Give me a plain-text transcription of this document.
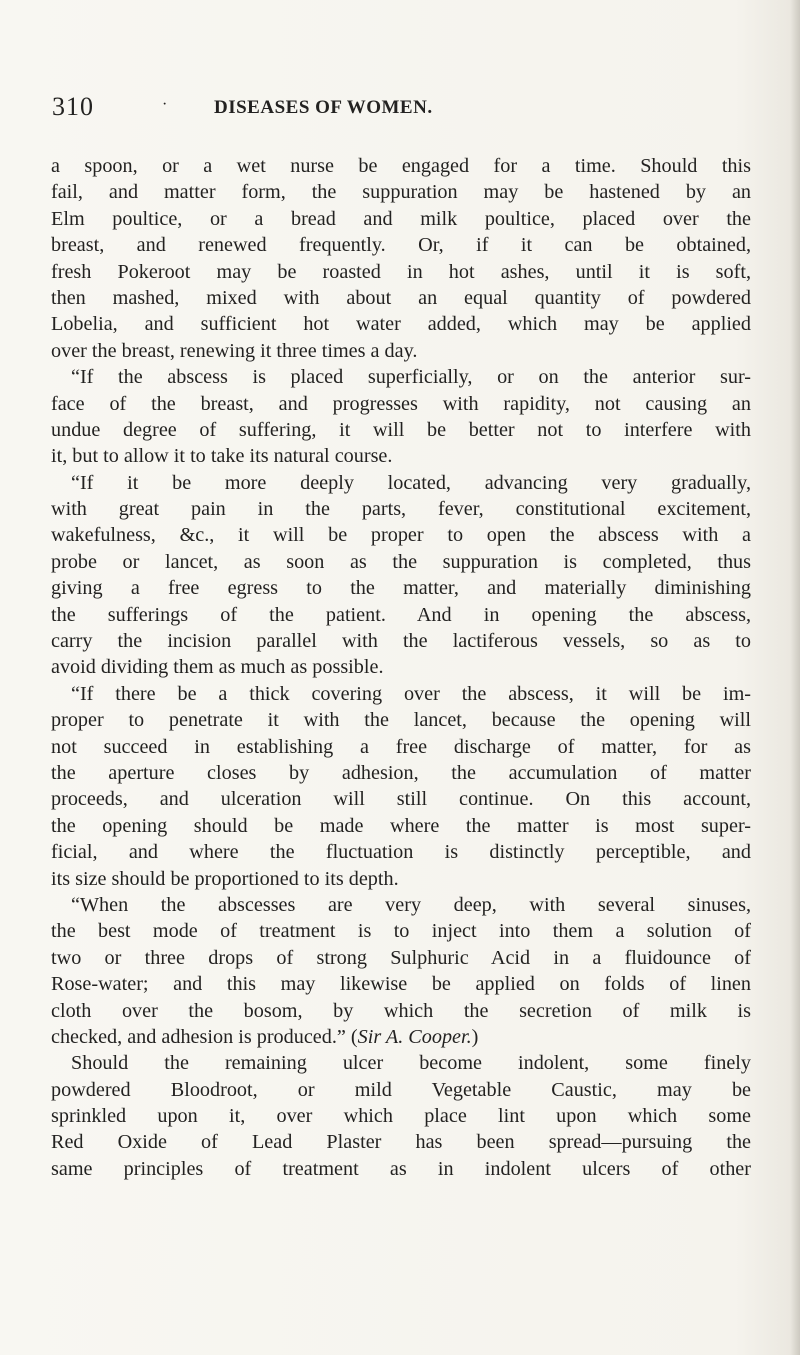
310	· DISEASES OF WOMEN.
a spoon, or a wet nurse be engaged for a time. Should this
fail, and matter form, the suppuration may be hastened by an
Elm poultice, or a bread and milk poultice, placed over the
breast, and renewed frequently. Or, if it can be obtained,
fresh Pokeroot may be roasted in hot ashes, until it is soft,
then mashed, mixed with about an equal quantity of powdered
Lobelia, and sufficient hot water added, which may be applied
over the breast, renewing it three times a day.
“If the abscess is placed superficially, or on the anterior sur-
face of the breast, and progresses with rapidity, not causing an
undue degree of suffering, it will be better not to interfere with
it, but to allow it to take its natural course.
“If it be more deeply located, advancing very gradually,
with great pain in the parts, fever, constitutional excitement,
wakefulness, &c., it will be proper to open the abscess with a
probe or lancet, as soon as the suppuration is completed, thus
giving a free egress to the matter, and materially diminishing
the sufferings of the patient. And in opening the abscess,
carry the incision parallel with the lactiferous vessels, so as to
avoid dividing them as much as possible.
“If there be a thick covering over the abscess, it will be im-
proper to penetrate it with the lancet, because the opening will
not succeed in establishing a free discharge of matter, for as
the aperture closes by adhesion, the accumulation of matter
proceeds, and ulceration will still continue. On this account,
the opening should be made where the matter is most super-
ficial, and where the fluctuation is distinctly perceptible, and
its size should be proportioned to its depth.
“When the abscesses are very deep, with several sinuses,
the best mode of treatment is to inject into them a solution of
two or three drops of strong Sulphuric Acid in a fluidounce of
Rose-water; and this may likewise be applied on folds of linen
cloth over the bosom, by which the secretion of milk is
checked, and adhesion is produced.” (Sir A. Cooper.)
Should the remaining ulcer become indolent, some finely
powdered Bloodroot, or mild Vegetable Caustic, may be
sprinkled upon it, over which place lint upon which some
Red Oxide of Lead Plaster has been spread—pursuing the
same principles of treatment as in indolent ulcers of other
